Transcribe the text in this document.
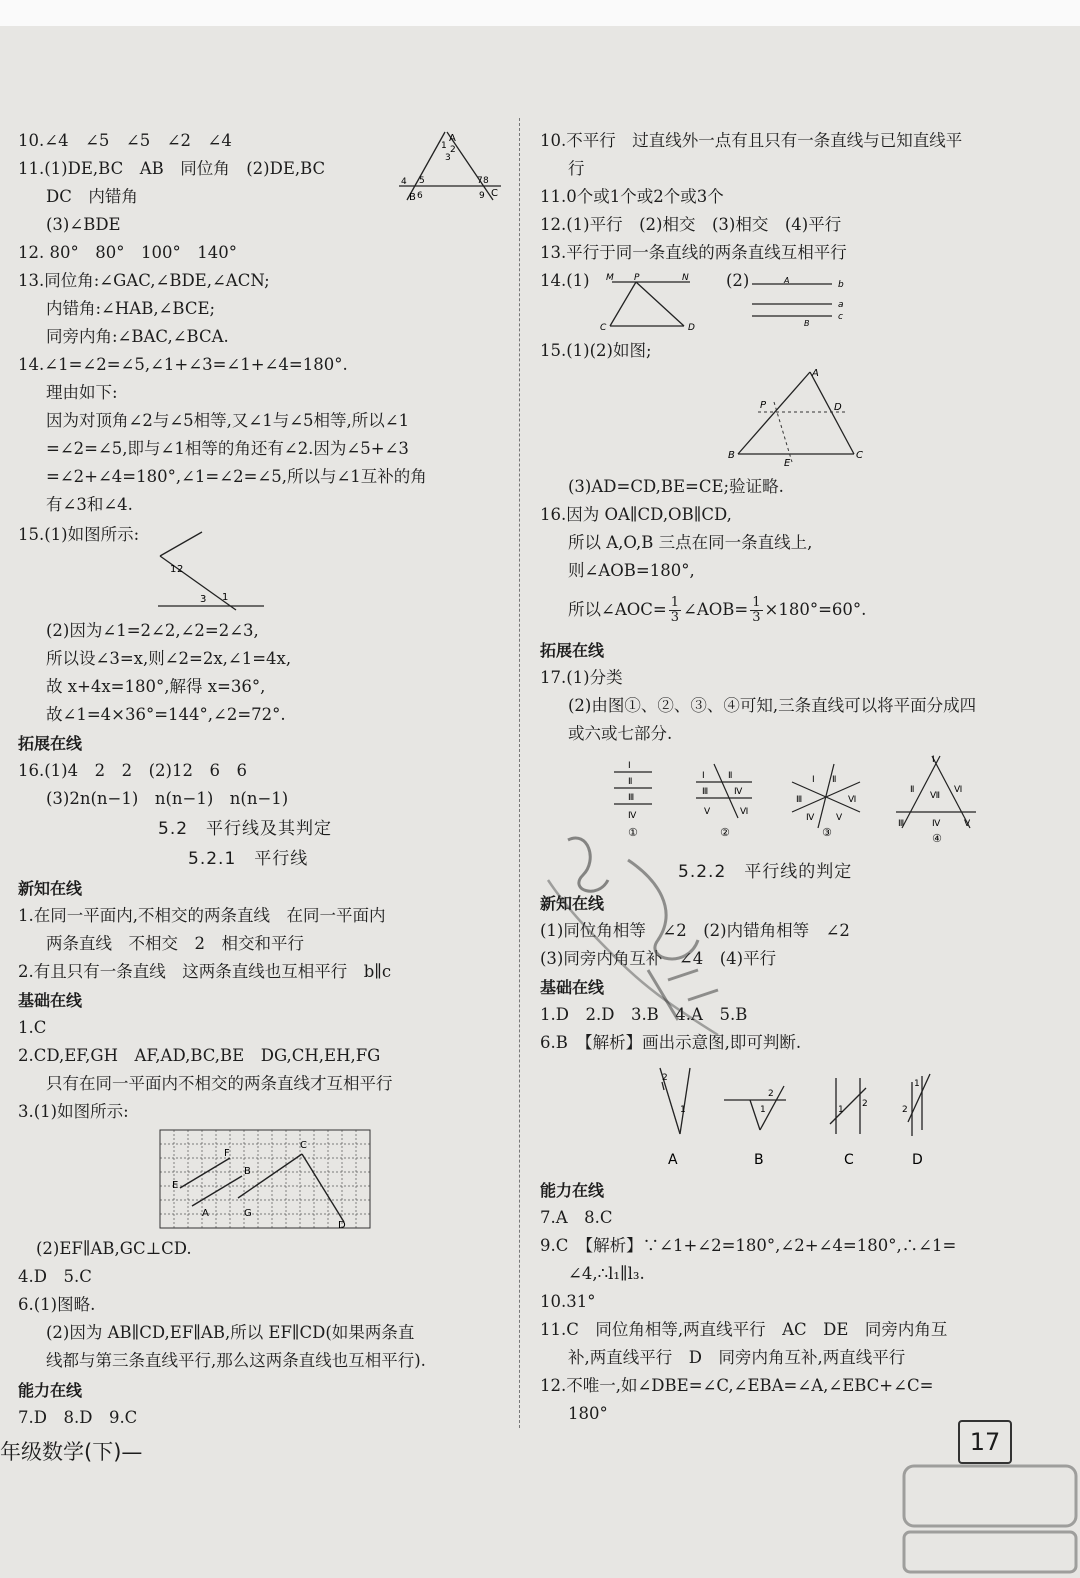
10.∠4　∠5　∠5　∠2　∠4
11.(1)DE,BC　AB　同位角　(2)DE,BC
DC　内错角
(3)∠BDE
12. 80°　80°　100°　140°
13.同位角:∠GAC,∠BDE,∠ACN;
内错角:∠HAB,∠BCE;
同旁内角:∠BAC,∠BCA.
14.∠1=∠2=∠5,∠1+∠3=∠1+∠4=180°.
理由如下:
因为对顶角∠2与∠5相等,又∠1与∠5相等,所以∠1
=∠2=∠5,即与∠1相等的角还有∠2.因为∠5+∠3
=∠2+∠4=180°,∠1=∠2=∠5,所以与∠1互补的角
有∠3和∠4.
15.(1)如图所示:
(2)因为∠1=2∠2,∠2=2∠3,
所以设∠3=x,则∠2=2x,∠1=4x,
故 x+4x=180°,解得 x=36°,
故∠1=4×36°=144°,∠2=72°.
拓展在线
16.(1)4　2　2　(2)12　6　6
(3)2n(n−1)　n(n−1)　n(n−1)
5.2　平行线及其判定
5.2.1　平行线
新知在线
1.在同一平面内,不相交的两条直线　在同一平面内
两条直线　不相交　2　相交和平行
2.有且只有一条直线　这两条直线也互相平行　b∥c
基础在线
1.C
2.CD,EF,GH　AF,AD,BC,BE　DG,CH,EH,FG
只有在同一平面内不相交的两条直线才互相平行
3.(1)如图所示:
(2)EF∥AB,GC⊥CD.
4.D　5.C
6.(1)图略.
(2)因为 AB∥CD,EF∥AB,所以 EF∥CD(如果两条直
线都与第三条直线平行,那么这两条直线也互相平行).
能力在线
7.D　8.D　9.C
A
1 2
3
4 5
6
B
7 8
9 C
1 2
3 1
E
F
A
B
G
C
D
10.不平行　过直线外一点有且只有一条直线与已知直线平
行
11.0个或1个或2个或3个
12.(1)平行　(2)相交　(3)相交　(4)平行
13.平行于同一条直线的两条直线互相平行
14.(1)	(2)
15.(1)(2)如图;
(3)AD=CD,BE=CE;验证略.
16.因为 OA∥CD,OB∥CD,
所以 A,O,B 三点在同一条直线上,
则∠AOB=180°,
所以∠AOC= $\frac{1}{3}$ ∠AOB= $\frac{1}{3} \times 180^\circ=60^\circ$.
拓展在线
17.(1)分类
(2)由图①、②、③、④可知,三条直线可以将平面分成四
或六或七部分.
5.2.2　平行线的判定
新知在线
(1)同位角相等　∠2　(2)内错角相等　∠2
(3)同旁内角互补　∠4　(4)平行
基础在线
1.D　2.D　3.B　4.A　5.B
6.B　【解析】画出示意图,即可判断.
能力在线
7.A　8.C
9.C　【解析】∵∠1+∠2=180°,∠2+∠4=180°,∴∠1=
∠4,∴l₁∥l₃.
10.31°
11.C　同位角相等,两直线平行　AC　DE　同旁内角互
补,两直线平行　D　同旁内角互补,两直线平行
12.不唯一,如∠DBE=∠C,∠EBA=∠A,∠EBC+∠C=
180°
M P	N
C	D
A	b
a
c
B
A
P	D
B
E
C
Ⅰ
Ⅱ
Ⅲ
Ⅳ
①
Ⅰ	Ⅱ
Ⅲ	Ⅳ
Ⅴ	Ⅵ
②
Ⅰ Ⅱ
Ⅲ	Ⅵ
Ⅳ Ⅴ
③
Ⅰ
Ⅱ
Ⅶ
Ⅵ
Ⅲ	Ⅳ	Ⅴ
④
2
1
A
2
1
B
1
2
C
1
2
D
年级数学(下)—	17
